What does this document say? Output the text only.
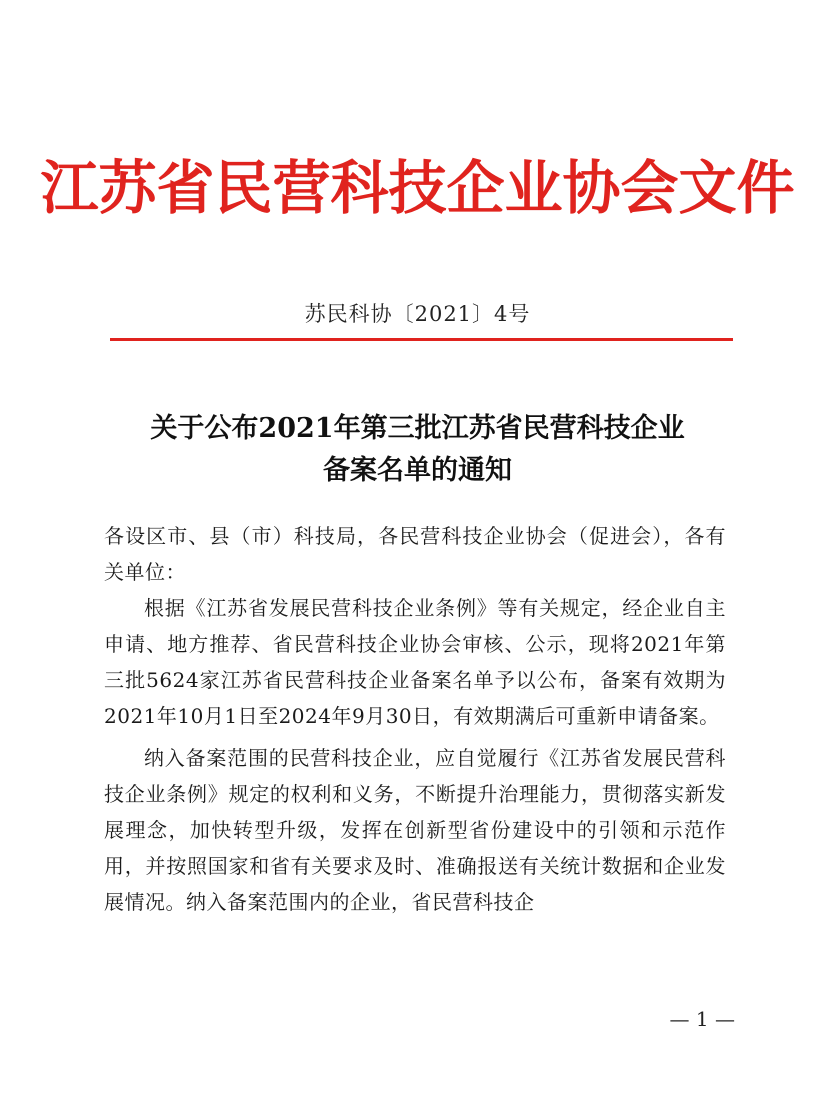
江苏省民营科技企业协会文件
苏民科协〔2021〕4号
关于公布2021年第三批江苏省民营科技企业
备案名单的通知

各设区市、县（市）科技局，各民营科技企业协会（促进会），各有关单位：

根据《江苏省发展民营科技企业条例》等有关规定，经企业自主申请、地方推荐、省民营科技企业协会审核、公示，现将2021年第三批5624家江苏省民营科技企业备案名单予以公布，备案有效期为2021年10月1日至2024年9月30日，有效期满后可重新申请备案。

纳入备案范围的民营科技企业，应自觉履行《江苏省发展民营科技企业条例》规定的权利和义务，不断提升治理能力，贯彻落实新发展理念，加快转型升级，发挥在创新型省份建设中的引领和示范作用，并按照国家和省有关要求及时、准确报送有关统计数据和企业发展情况。纳入备案范围内的企业，省民营科技企

— 1 —
